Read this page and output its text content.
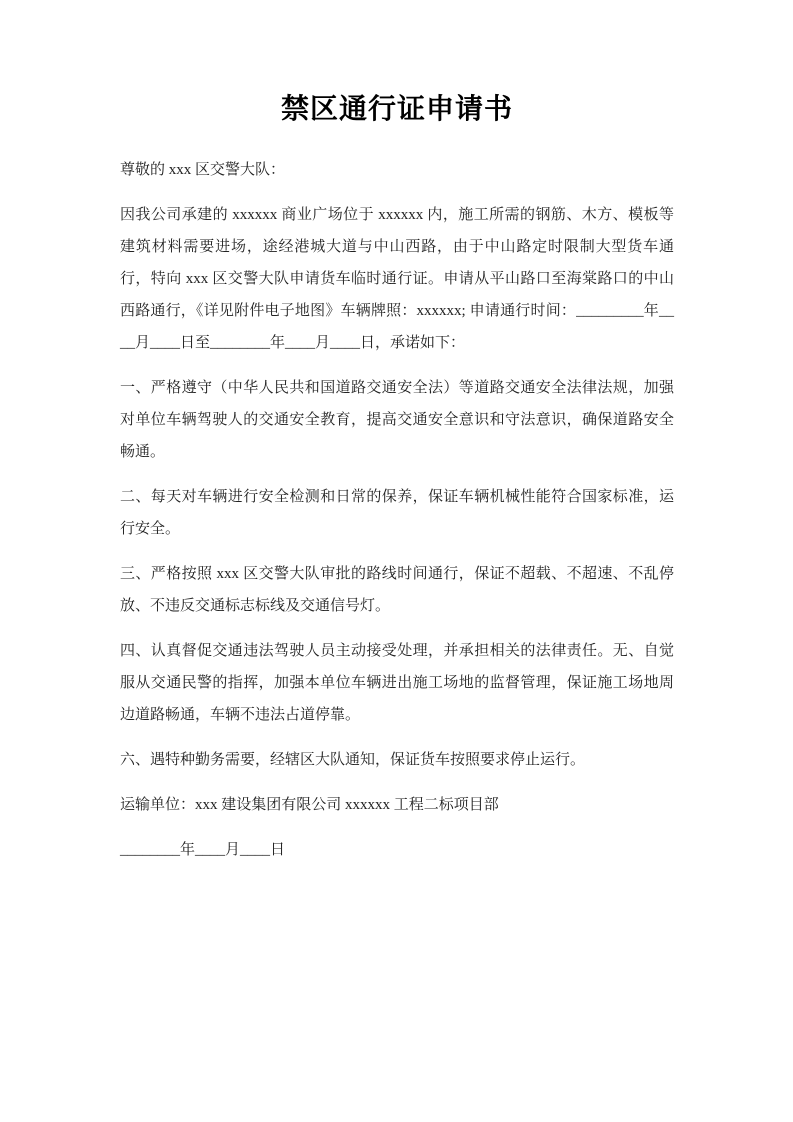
禁区通行证申请书

尊敬的 xxx 区交警大队：

因我公司承建的 xxxxxx 商业广场位于 xxxxxx 内，施工所需的钢筋、木方、模板等建筑材料需要进场，途经港城大道与中山西路，由于中山路定时限制大型货车通行，特向 xxx 区交警大队申请货车临时通行证。申请从平山路口至海棠路口的中山西路通行，《详见附件电子地图》车辆牌照：xxxxxx; 申请通行时间：_________年____月____日至________年____月____日，承诺如下：

一、严格遵守（中华人民共和国道路交通安全法）等道路交通安全法律法规，加强对单位车辆驾驶人的交通安全教育，提高交通安全意识和守法意识，确保道路安全畅通。

二、每天对车辆进行安全检测和日常的保养，保证车辆机械性能符合国家标准，运行安全。

三、严格按照 xxx 区交警大队审批的路线时间通行，保证不超载、不超速、不乱停放、不违反交通标志标线及交通信号灯。

四、认真督促交通违法驾驶人员主动接受处理，并承担相关的法律责任。无、自觉服从交通民警的指挥，加强本单位车辆进出施工场地的监督管理，保证施工场地周边道路畅通，车辆不违法占道停靠。

六、遇特种勤务需要，经辖区大队通知，保证货车按照要求停止运行。

运输单位：xxx 建设集团有限公司 xxxxxx 工程二标项目部

________年____月____日
